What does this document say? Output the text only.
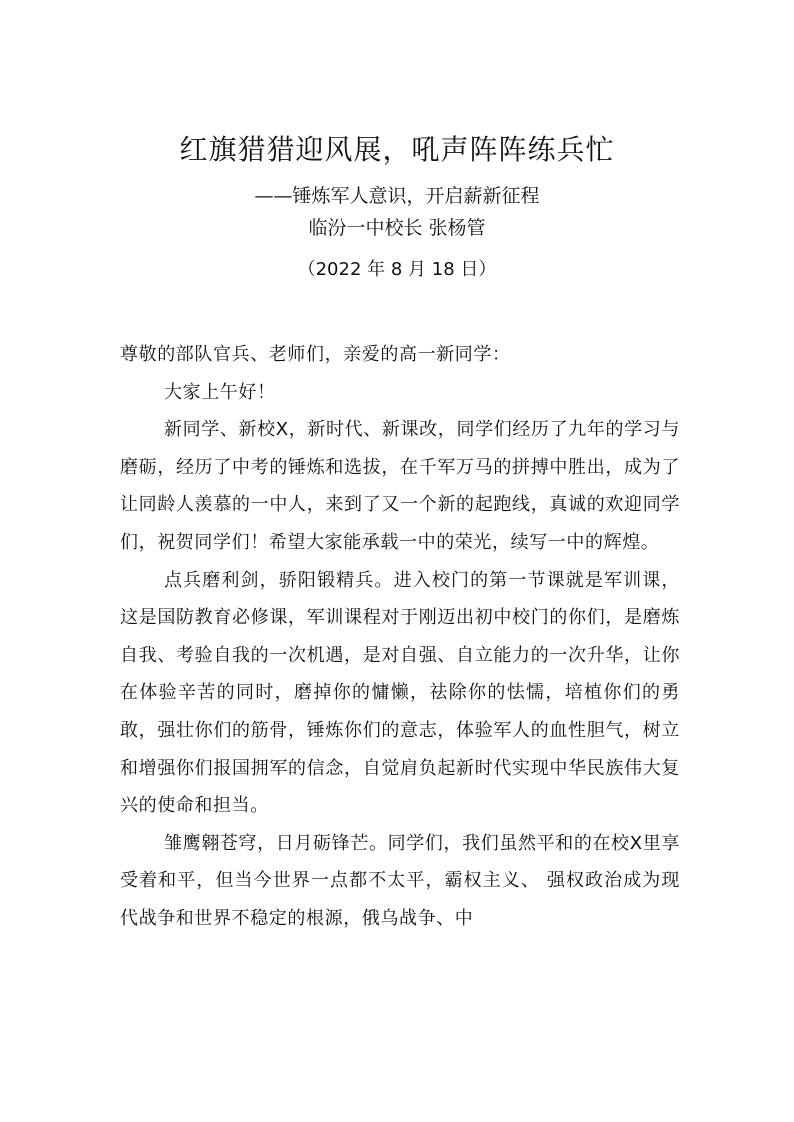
红旗猎猎迎风展，吼声阵阵练兵忙
——锤炼军人意识，开启薪新征程
临汾一中校长 张杨管
（2022 年 8 月 18 日）

尊敬的部队官兵、老师们，亲爱的高一新同学：

大家上午好！

新同学、新校X，新时代、新课改，同学们经历了九年的学习与磨砺，经历了中考的锤炼和选拔，在千军万马的拼搏中胜出，成为了让同龄人羡慕的一中人，来到了又一个新的起跑线，真诚的欢迎同学们，祝贺同学们！希望大家能承载一中的荣光，续写一中的辉煌。

点兵磨利剑，骄阳锻精兵。进入校门的第一节课就是军训课，这是国防教育必修课，军训课程对于刚迈出初中校门的你们，是磨炼自我、考验自我的一次机遇，是对自强、自立能力的一次升华，让你在体验辛苦的同时，磨掉你的慵懒，祛除你的怯懦，培植你们的勇敢，强壮你们的筋骨，锤炼你们的意志，体验军人的血性胆气，树立和增强你们报国拥军的信念，自觉肩负起新时代实现中华民族伟大复兴的使命和担当。

雏鹰翱苍穹，日月砺锋芒。同学们，我们虽然平和的在校X里享受着和平，但当今世界一点都不太平，霸权主义、 强权政治成为现代战争和世界不稳定的根源，俄乌战争、中
